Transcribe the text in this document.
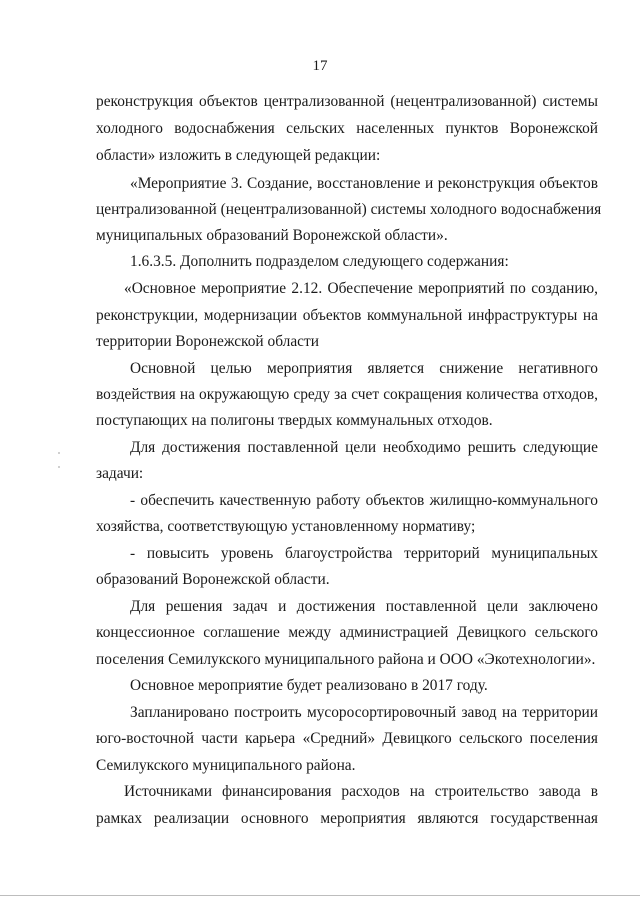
17
реконструкция объектов централизованной (нецентрализованной) системы
холодного водоснабжения сельских населенных пунктов Воронежской
области» изложить в следующей редакции:
«Мероприятие 3. Создание, восстановление и реконструкция объектов
централизованной (нецентрализованной) системы холодного водоснабжения
муниципальных образований Воронежской области».
1.6.3.5. Дополнить подразделом следующего содержания:
«Основное мероприятие 2.12. Обеспечение мероприятий по созданию,
реконструкции, модернизации объектов коммунальной инфраструктуры на
территории Воронежской области
Основной целью мероприятия является снижение негативного
воздействия на окружающую среду за счет сокращения количества отходов,
поступающих на полигоны твердых коммунальных отходов.
Для достижения поставленной цели необходимо решить следующие
задачи:
- обеспечить качественную работу объектов жилищно-коммунального
хозяйства, соответствующую установленному нормативу;
- повысить уровень благоустройства территорий муниципальных
образований Воронежской области.
Для решения задач и достижения поставленной цели заключено
концессионное соглашение между администрацией Девицкого сельского
поселения Семилукского муниципального района и ООО «Экотехнологии».
Основное мероприятие будет реализовано в 2017 году.
Запланировано построить мусоросортировочный завод на территории
юго-восточной части карьера «Средний» Девицкого сельского поселения
Семилукского муниципального района.
Источниками финансирования расходов на строительство завода в
рамках реализации основного мероприятия являются государственная
